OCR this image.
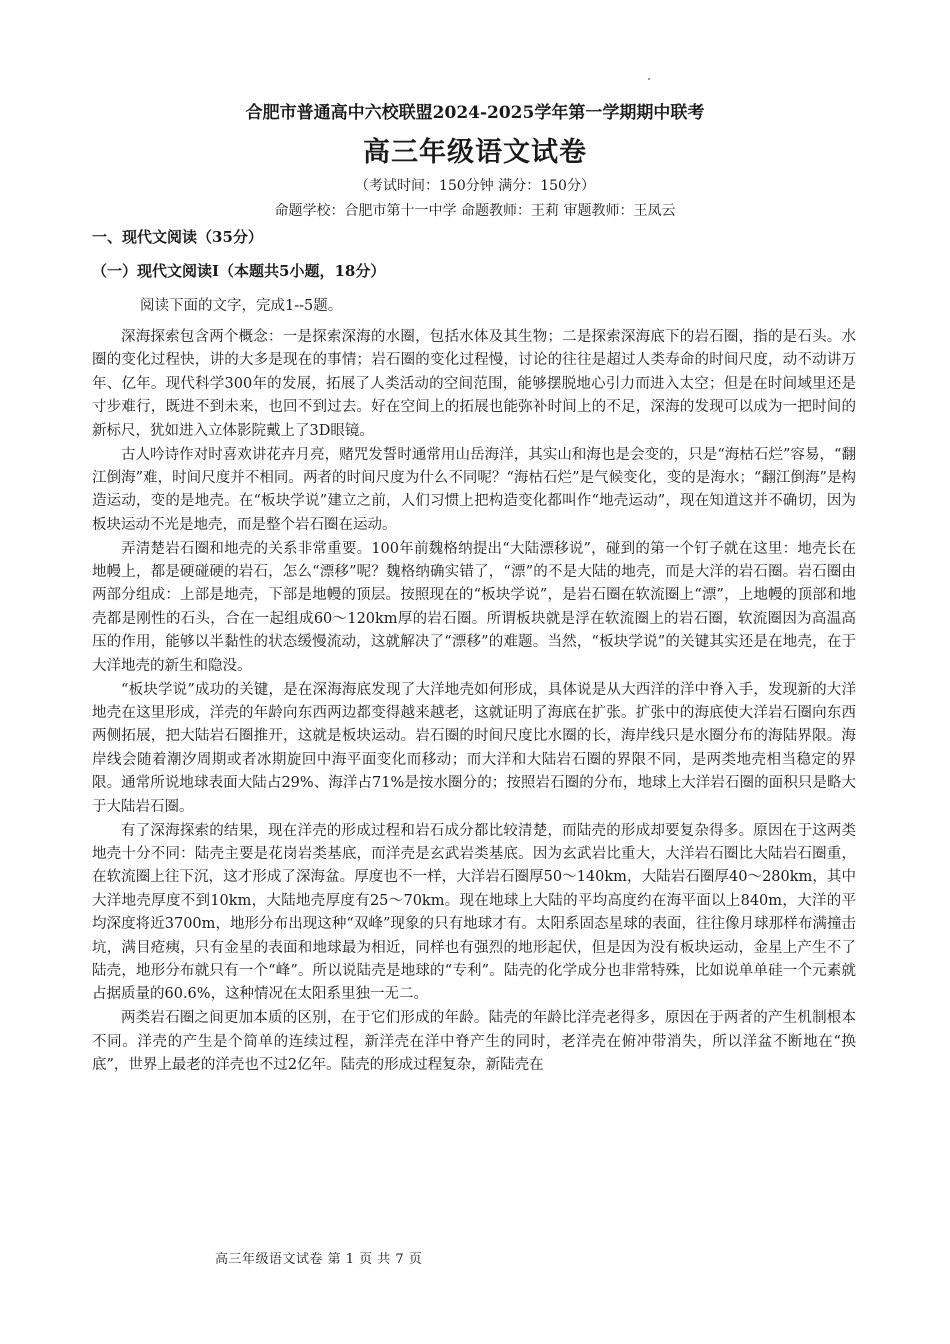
合肥市普通高中六校联盟2024-2025学年第一学期期中联考
高三年级语文试卷
（考试时间：150分钟 满分：150分）
命题学校：合肥市第十一中学 命题教师：王莉 审题教师：王凤云
一、现代文阅读（35分）
（一）现代文阅读Ⅰ（本题共5小题，18分）
阅读下面的文字，完成1--5题。

深海探索包含两个概念：一是探索深海的水圈，包括水体及其生物；二是探索深海底下的岩石圈，指的是石头。水圈的变化过程快，讲的大多是现在的事情；岩石圈的变化过程慢，讨论的往往是超过人类寿命的时间尺度，动不动讲万年、亿年。现代科学300年的发展，拓展了人类活动的空间范围，能够摆脱地心引力而进入太空；但是在时间域里还是寸步难行，既进不到未来，也回不到过去。好在空间上的拓展也能弥补时间上的不足，深海的发现可以成为一把时间的新标尺，犹如进入立体影院戴上了3D眼镜。

古人吟诗作对时喜欢讲花卉月亮，赌咒发誓时通常用山岳海洋，其实山和海也是会变的，只是“海枯石烂”容易，“翻江倒海”难，时间尺度并不相同。两者的时间尺度为什么不同呢？“海枯石烂”是气候变化，变的是海水；“翻江倒海”是构造运动，变的是地壳。在“板块学说”建立之前，人们习惯上把构造变化都叫作“地壳运动”，现在知道这并不确切，因为板块运动不光是地壳，而是整个岩石圈在运动。

弄清楚岩石圈和地壳的关系非常重要。100年前魏格纳提出“大陆漂移说”，碰到的第一个钉子就在这里：地壳长在地幔上，都是硬碰硬的岩石，怎么“漂移”呢？魏格纳确实错了，“漂”的不是大陆的地壳，而是大洋的岩石圈。岩石圈由两部分组成：上部是地壳，下部是地幔的顶层。按照现在的“板块学说”，是岩石圈在软流圈上“漂”，上地幔的顶部和地壳都是刚性的石头，合在一起组成60～120km厚的岩石圈。所谓板块就是浮在软流圈上的岩石圈，软流圈因为高温高压的作用，能够以半黏性的状态缓慢流动，这就解决了“漂移”的难题。当然，“板块学说”的关键其实还是在地壳，在于大洋地壳的新生和隐没。

“板块学说”成功的关键，是在深海海底发现了大洋地壳如何形成，具体说是从大西洋的洋中脊入手，发现新的大洋地壳在这里形成，洋壳的年龄向东西两边都变得越来越老，这就证明了海底在扩张。扩张中的海底使大洋岩石圈向东西两侧拓展，把大陆岩石圈推开，这就是板块运动。岩石圈的时间尺度比水圈的长，海岸线只是水圈分布的海陆界限。海岸线会随着潮汐周期或者冰期旋回中海平面变化而移动；而大洋和大陆岩石圈的界限不同，是两类地壳相当稳定的界限。通常所说地球表面大陆占29%、海洋占71%是按水圈分的；按照岩石圈的分布，地球上大洋岩石圈的面积只是略大于大陆岩石圈。

有了深海探索的结果，现在洋壳的形成过程和岩石成分都比较清楚，而陆壳的形成却要复杂得多。原因在于这两类地壳十分不同：陆壳主要是花岗岩类基底，而洋壳是玄武岩类基底。因为玄武岩比重大，大洋岩石圈比大陆岩石圈重，在软流圈上往下沉，这才形成了深海盆。厚度也不一样，大洋岩石圈厚50～140km，大陆岩石圈厚40～280km，其中大洋地壳厚度不到10km，大陆地壳厚度有25～70km。现在地球上大陆的平均高度约在海平面以上840m，大洋的平均深度将近3700m，地形分布出现这种“双峰”现象的只有地球才有。太阳系固态星球的表面，往往像月球那样布满撞击坑，满目疮痍，只有金星的表面和地球最为相近，同样也有强烈的地形起伏，但是因为没有板块运动，金星上产生不了陆壳，地形分布就只有一个“峰”。所以说陆壳是地球的“专利”。陆壳的化学成分也非常特殊，比如说单单硅一个元素就占据质量的60.6%，这种情况在太阳系里独一无二。

两类岩石圈之间更加本质的区别，在于它们形成的年龄。陆壳的年龄比洋壳老得多，原因在于两者的产生机制根本不同。洋壳的产生是个简单的连续过程，新洋壳在洋中脊产生的同时，老洋壳在俯冲带消失，所以洋盆不断地在“换底”，世界上最老的洋壳也不过2亿年。陆壳的形成过程复杂，新陆壳在

高三年级语文试卷 第 1 页 共 7 页
